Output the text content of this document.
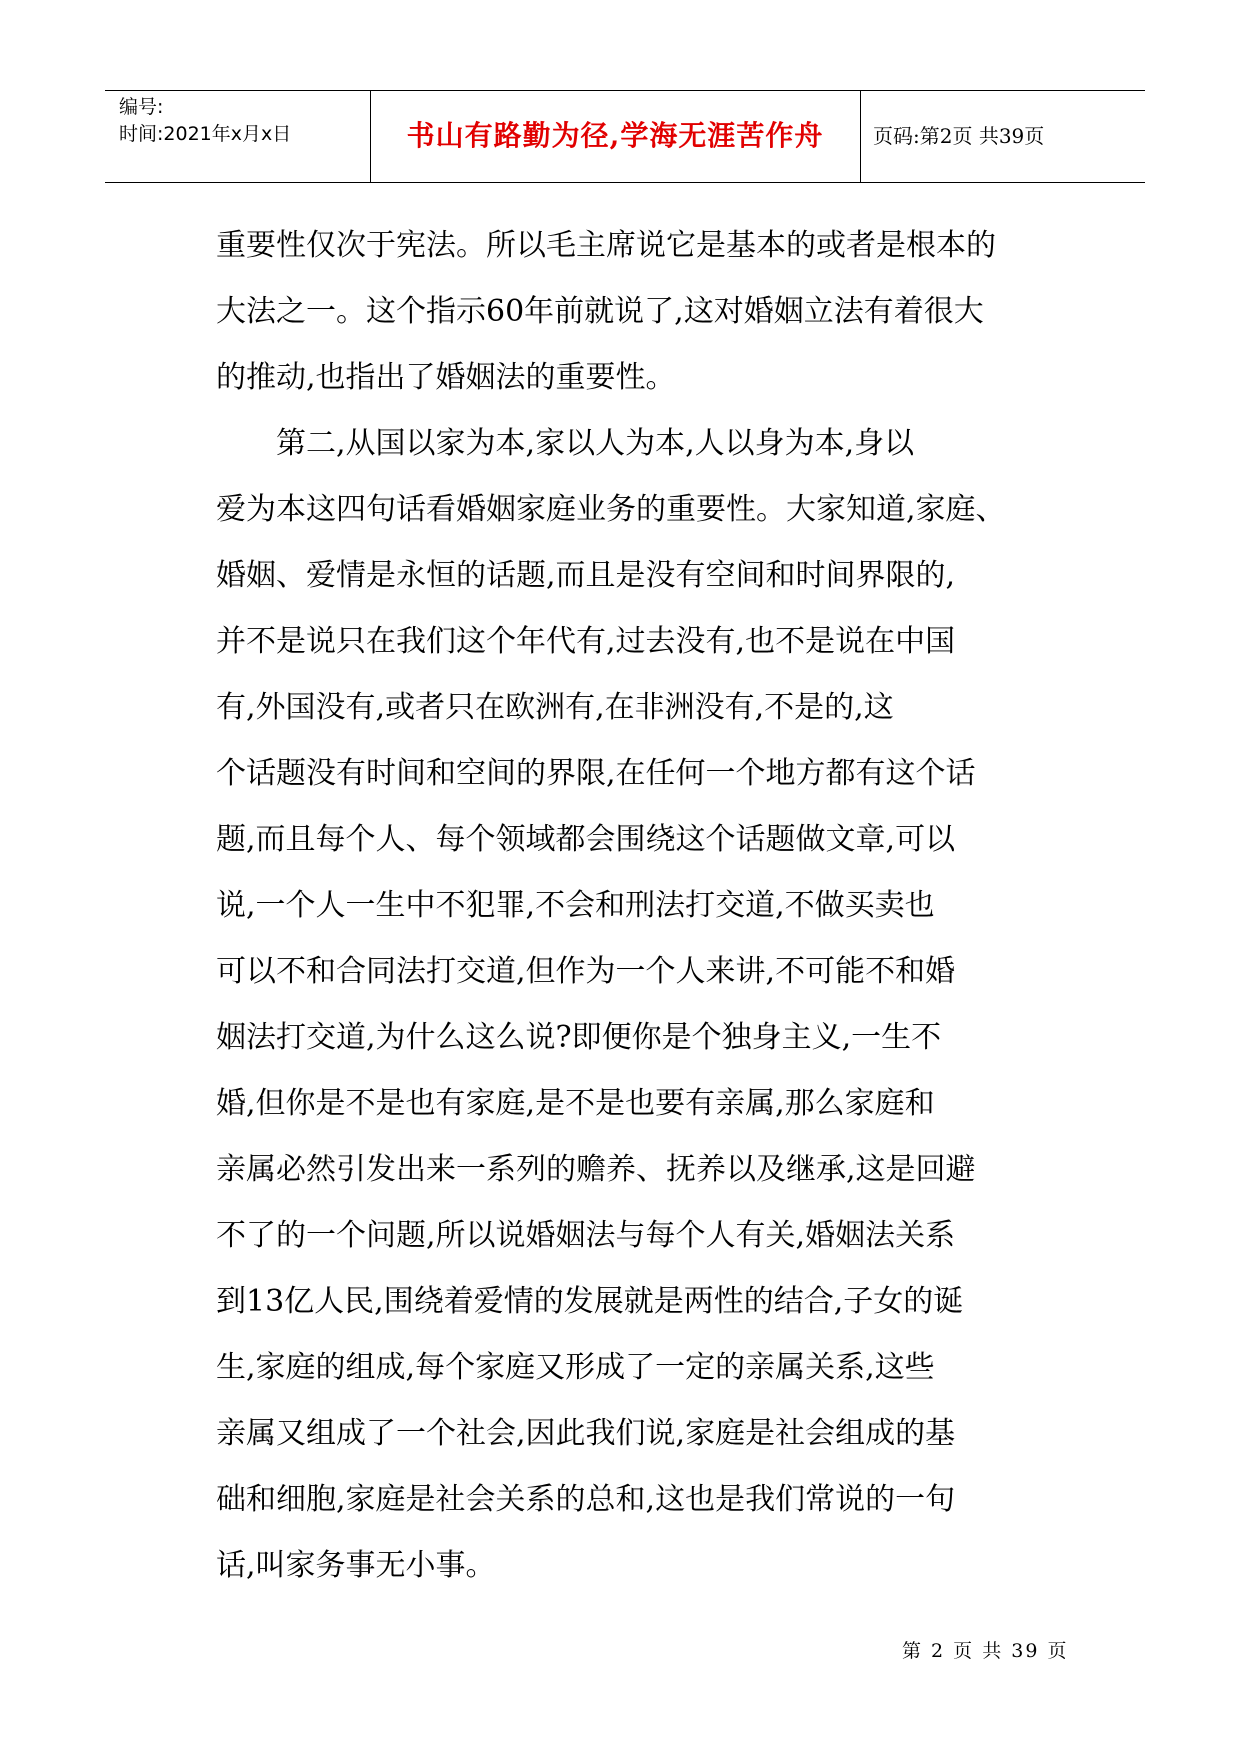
编号:
时间:2021年x月x日	书山有路勤为径,学海无涯苦作舟	页码:第2页 共39页
重要性仅次于宪法。所以毛主席说它是基本的或者是根本的
大法之一。这个指示60年前就说了,这对婚姻立法有着很大
的推动,也指出了婚姻法的重要性。
　　第二,从国以家为本,家以人为本,人以身为本,身以
爱为本这四句话看婚姻家庭业务的重要性。大家知道,家庭、
婚姻、爱情是永恒的话题,而且是没有空间和时间界限的,
并不是说只在我们这个年代有,过去没有,也不是说在中国
有,外国没有,或者只在欧洲有,在非洲没有,不是的,这
个话题没有时间和空间的界限,在任何一个地方都有这个话
题,而且每个人、每个领域都会围绕这个话题做文章,可以
说,一个人一生中不犯罪,不会和刑法打交道,不做买卖也
可以不和合同法打交道,但作为一个人来讲,不可能不和婚
姻法打交道,为什么这么说?即便你是个独身主义,一生不
婚,但你是不是也有家庭,是不是也要有亲属,那么家庭和
亲属必然引发出来一系列的赡养、抚养以及继承,这是回避
不了的一个问题,所以说婚姻法与每个人有关,婚姻法关系
到13亿人民,围绕着爱情的发展就是两性的结合,子女的诞
生,家庭的组成,每个家庭又形成了一定的亲属关系,这些
亲属又组成了一个社会,因此我们说,家庭是社会组成的基
础和细胞,家庭是社会关系的总和,这也是我们常说的一句
话,叫家务事无小事。
第 2 页 共 39 页
